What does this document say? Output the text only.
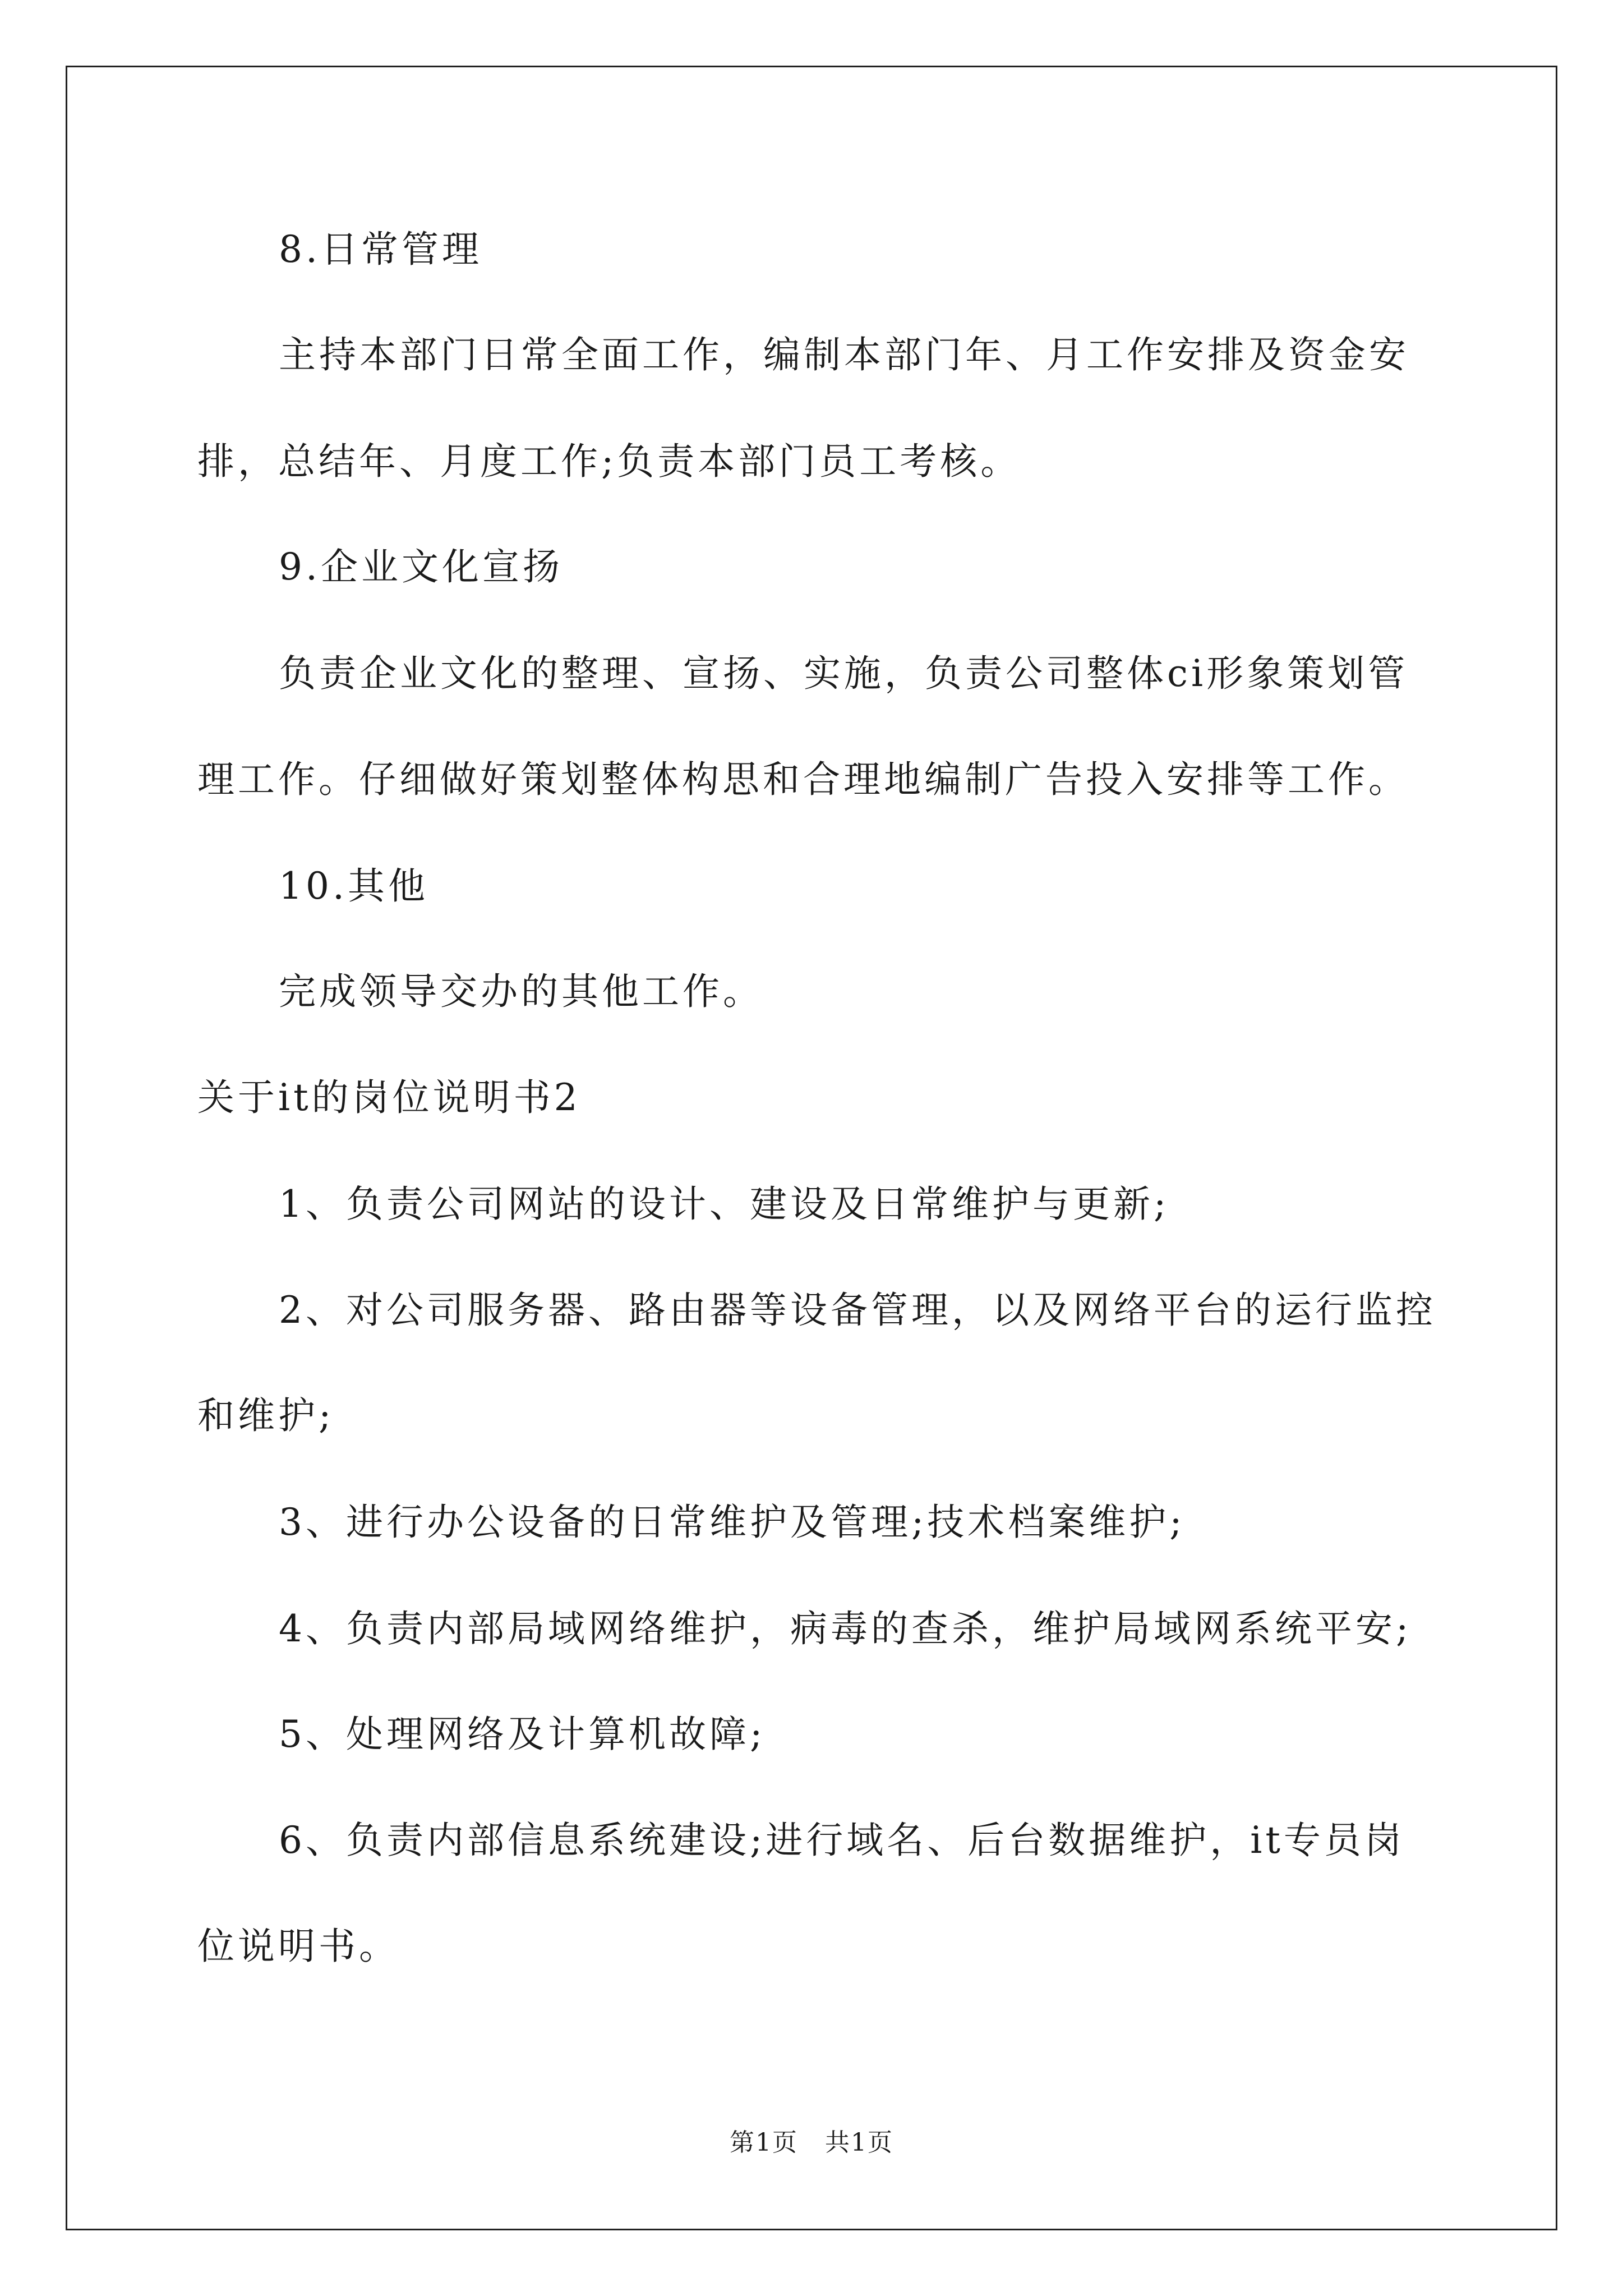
8.日常管理
主持本部门日常全面工作，编制本部门年、月工作安排及资金安
排，总结年、月度工作;负责本部门员工考核。
9.企业文化宣扬
负责企业文化的整理、宣扬、实施，负责公司整体ci形象策划管
理工作。仔细做好策划整体构思和合理地编制广告投入安排等工作。
10.其他
完成领导交办的其他工作。
关于it的岗位说明书2
1、负责公司网站的设计、建设及日常维护与更新;
2、对公司服务器、路由器等设备管理，以及网络平台的运行监控
和维护;
3、进行办公设备的日常维护及管理;技术档案维护;
4、负责内部局域网络维护，病毒的查杀，维护局域网系统平安;
5、处理网络及计算机故障;
6、负责内部信息系统建设;进行域名、后台数据维护，it专员岗
位说明书。
第1页 共1页
